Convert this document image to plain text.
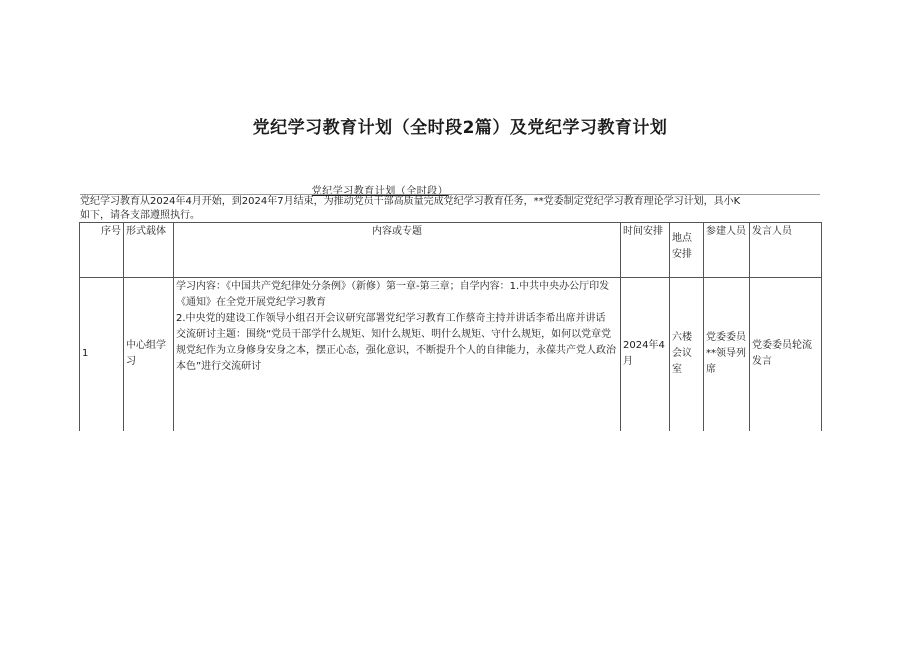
党纪学习教育计划（全时段2篇）及党纪学习教育计划
党纪学习教育计划（全时段）
党纪学习教育从2024年4月开始，到2024年7月结束，为推动党员干部高质量完成党纪学习教育任务，**党委制定党纪学习教育理论学习计划，具小K如下，请各支部遵照执行。
序号	形式载体	内容或专题	时间安排	地点安排	参建人员	发言人员
1	中心组学习	学习内容：《中国共产党纪律处分条例》（新修）第一章-第三章；自学内容：1.中共中央办公厅印发《通知》在全党开展党纪学习教育
2.中央党的建设工作领导小组召开会议研究部署党纪学习教育工作蔡奇主持并讲话李希出席并讲话
交流研讨主题：围绕“党员干部学什么规矩、知什么规矩、明什么规矩、守什么规矩，如何以党章党规党纪作为立身修身安身之本，摆正心态，强化意识，不断提升个人的自律能力，永葆共产党人政治本色”进行交流研讨	2024年4月	六楼会议室	党委委员**领导列席	党委委员轮流发言
